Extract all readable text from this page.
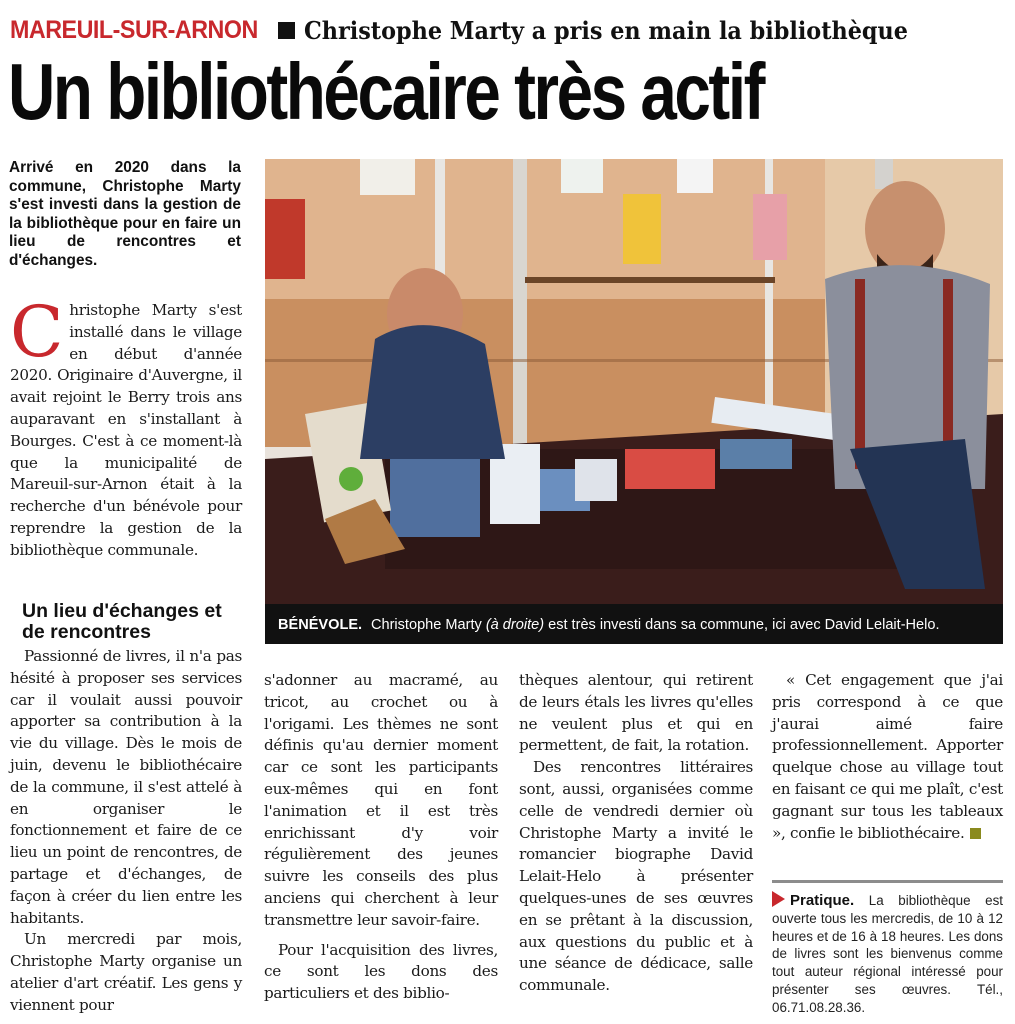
MAREUIL-SUR-ARNON Christophe Marty a pris en main la bibliothèque
Un bibliothécaire très actif
Arrivé en 2020 dans la commune, Christophe Marty s'est investi dans la gestion de la bibliothèque pour en faire un lieu de rencontres et d'échanges.

Christophe Marty s'est installé dans le village en début d'année 2020. Originaire d'Auvergne, il avait rejoint le Berry trois ans auparavant en s'installant à Bourges. C'est à ce moment-là que la municipalité de Mareuil-sur-Arnon était à la recherche d'un bénévole pour reprendre la gestion de la bibliothèque communale.

Un lieu d'échanges et de rencontres

Passionné de livres, il n'a pas hésité à proposer ses services car il voulait aussi pouvoir apporter sa contribution à la vie du village. Dès le mois de juin, devenu le bibliothécaire de la commune, il s'est attelé à en organiser le fonctionnement et faire de ce lieu un point de rencontres, de partage et d'échanges, de façon à créer du lien entre les habitants.

Un mercredi par mois, Christophe Marty organise un atelier d'art créatif. Les gens y viennent pour

BÉNÉVOLE. Christophe Marty (à droite) est très investi dans sa commune, ici avec David Lelait-Helo.

s'adonner au macramé, au tricot, au crochet ou à l'origami. Les thèmes ne sont définis qu'au dernier moment car ce sont les participants eux-mêmes qui en font l'animation et il est très enrichissant d'y voir régulièrement des jeunes suivre les conseils des plus anciens qui cherchent à leur transmettre leur savoir-faire.

Pour l'acquisition des livres, ce sont les dons des particuliers et des biblio-

thèques alentour, qui retirent de leurs étals les livres qu'elles ne veulent plus et qui en permettent, de fait, la rotation.

Des rencontres littéraires sont, aussi, organisées comme celle de vendredi dernier où Christophe Marty a invité le romancier biographe David Lelait-Helo à présenter quelques-unes de ses œuvres en se prêtant à la discussion, aux questions du public et à une séance de dédicace, salle communale.

« Cet engagement que j'ai pris correspond à ce que j'aurai aimé faire professionnellement. Apporter quelque chose au village tout en faisant ce qui me plaît, c'est gagnant sur tous les tableaux », confie le bibliothécaire.

Pratique. La bibliothèque est ouverte tous les mercredis, de 10 à 12 heures et de 16 à 18 heures. Les dons de livres sont les bienvenus comme tout auteur régional intéressé pour présenter ses œuvres. Tél., 06.71.08.28.36.
